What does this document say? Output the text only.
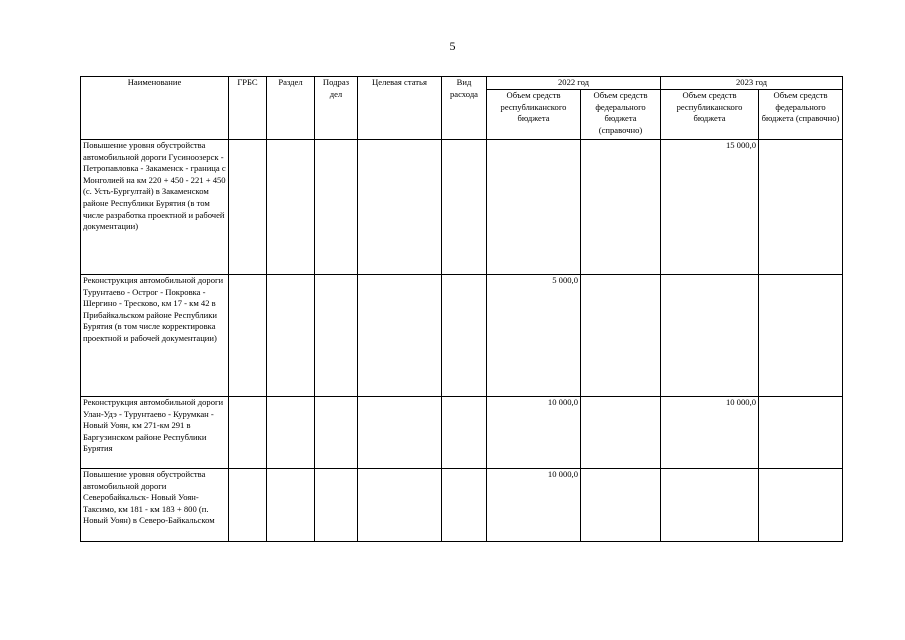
5
Наименование	ГРБС	Раздел	Подраз дел	Целевая статья	Вид расхода	2022 год		2023 год	
						Объем средств республиканского бюджета	Объем средств федерального бюджета (справочно)	Объем средств республиканского бюджета	Объем средств федерального бюджета (справочно)
Повышение уровня обустройства автомобильной дороги Гусиноозерск - Петропавловка - Закаменск - граница с Монголией на км 220 + 450 - 221 + 450 (с. Усть-Бургултай) в Закаменском районе Республики Бурятия (в том числе разработка проектной и рабочей документации)								15 000,0	
Реконструкция автомобильной дороги Турунтаево - Острог - Покровка - Шергино - Тресково, км 17 - км 42 в Прибайкальском районе Республики Бурятия (в том числе корректировка проектной и рабочей документации)						5 000,0			
Реконструкция автомобильной дороги Улан-Удэ - Турунтаево - Курумкан - Новый Уоян, км 271-км 291 в Баргузинском районе Республики Бурятия						10 000,0		10 000,0	

Повышение уровня обустройства автомобильной дороги Северобайкальск- Новый Уоян-Таксимо, км 181 - км 183 + 800 (п. Новый Уоян) в Северо-Байкальском						10 000,0			
